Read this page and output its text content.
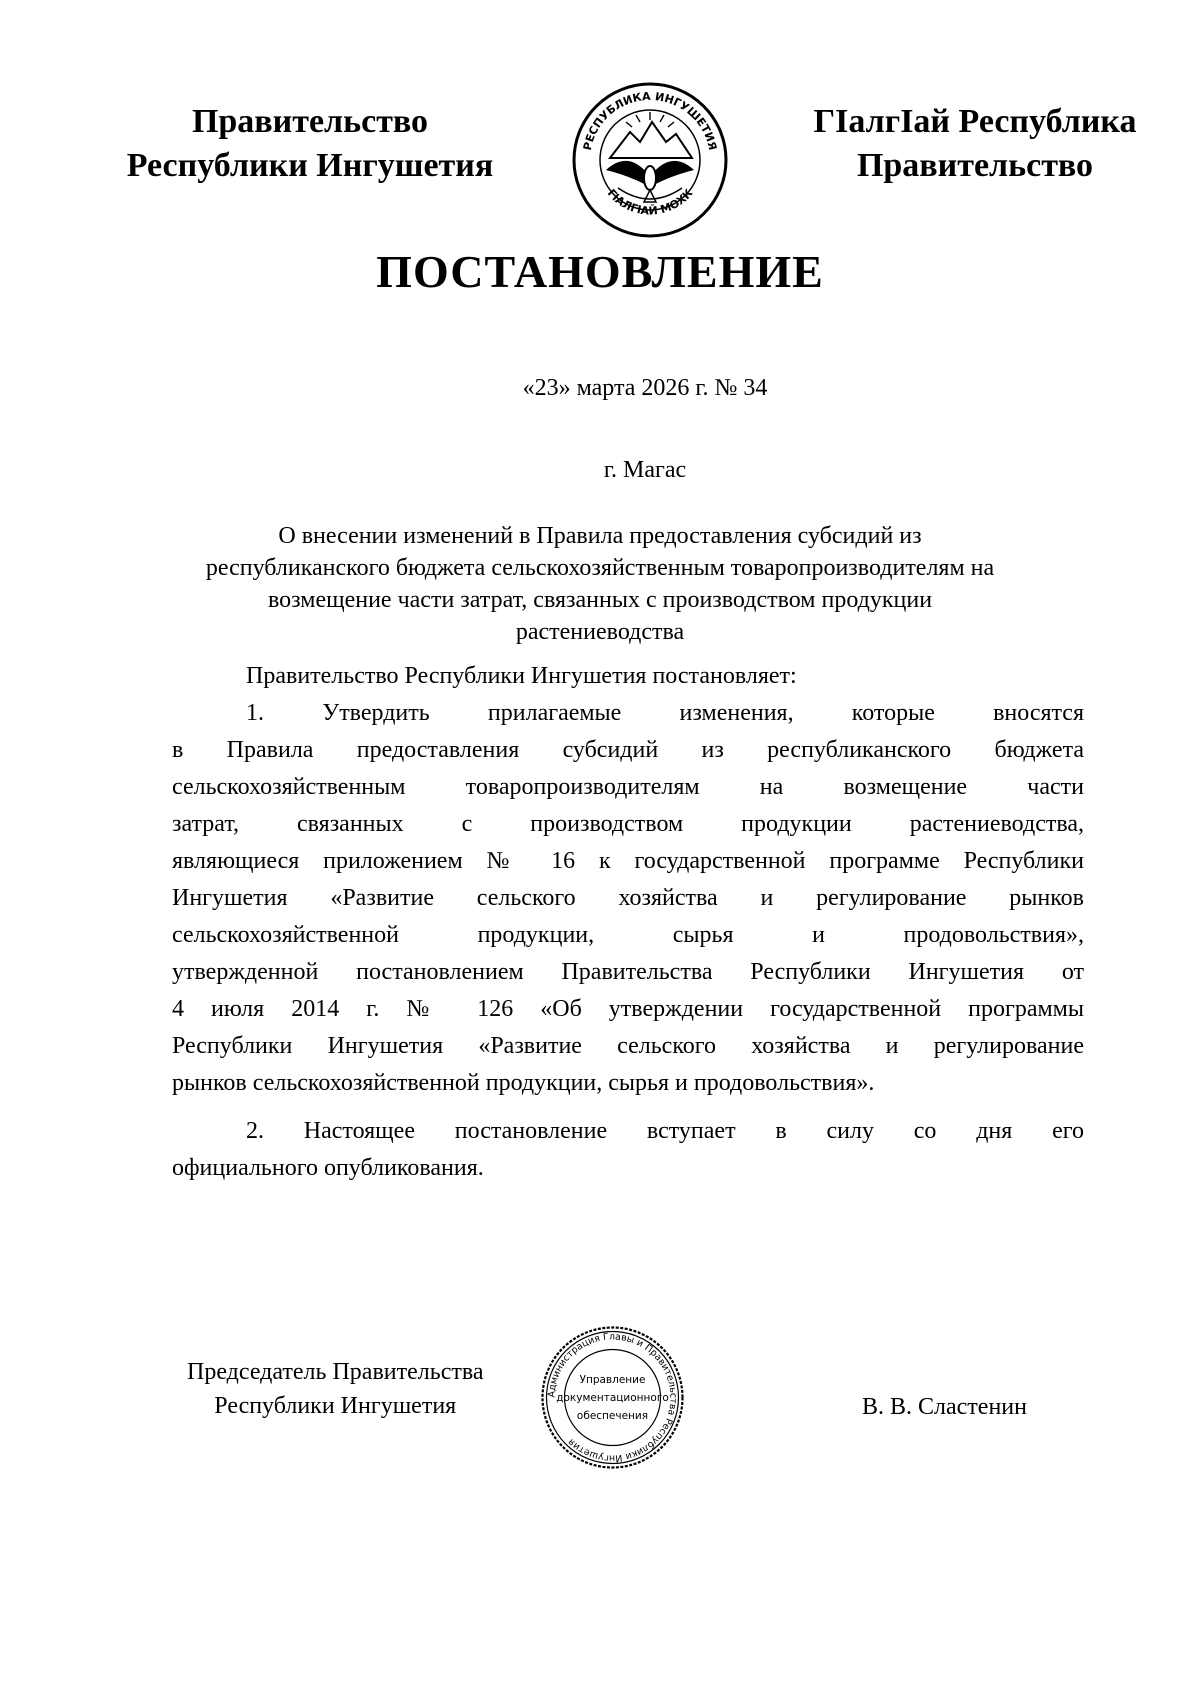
Правительство
Республики Ингушетия
РЕСПУБЛИКА ИНГУШЕТИЯ
ГӀАЛГӀАЙ МОХК
ГӀалгӀай Республика
Правительство
ПОСТАНОВЛЕНИЕ
«23» марта 2026 г. № 34
г. Магас
О внесении изменений в Правила предоставления субсидий из
республиканского бюджета сельскохозяйственным товаропроизводителям на
возмещение части затрат, связанных с производством продукции
растениеводства
Правительство Республики Ингушетия постановляет:
1. Утвердить прилагаемые изменения, которые вносятся
в Правила предоставления субсидий из республиканского бюджета
сельскохозяйственным товаропроизводителям на возмещение части
затрат, связанных с производством продукции растениеводства,
являющиеся приложением № 16 к государственной программе Республики
Ингушетия «Развитие сельского хозяйства и регулирование рынков
сельскохозяйственной продукции, сырья и продовольствия»,
утвержденной постановлением Правительства Республики Ингушетия от
4 июля 2014 г. № 126 «Об утверждении государственной программы
Республики Ингушетия «Развитие сельского хозяйства и регулирование
рынков сельскохозяйственной продукции, сырья и продовольствия».
2. Настоящее постановление вступает в силу со дня его
официального опубликования.
Председатель Правительства
Республики Ингушетия	Администрация Главы и Правительства Республики Ингушетия
Управление
документационного
обеспечения	В. В. Сластенин
